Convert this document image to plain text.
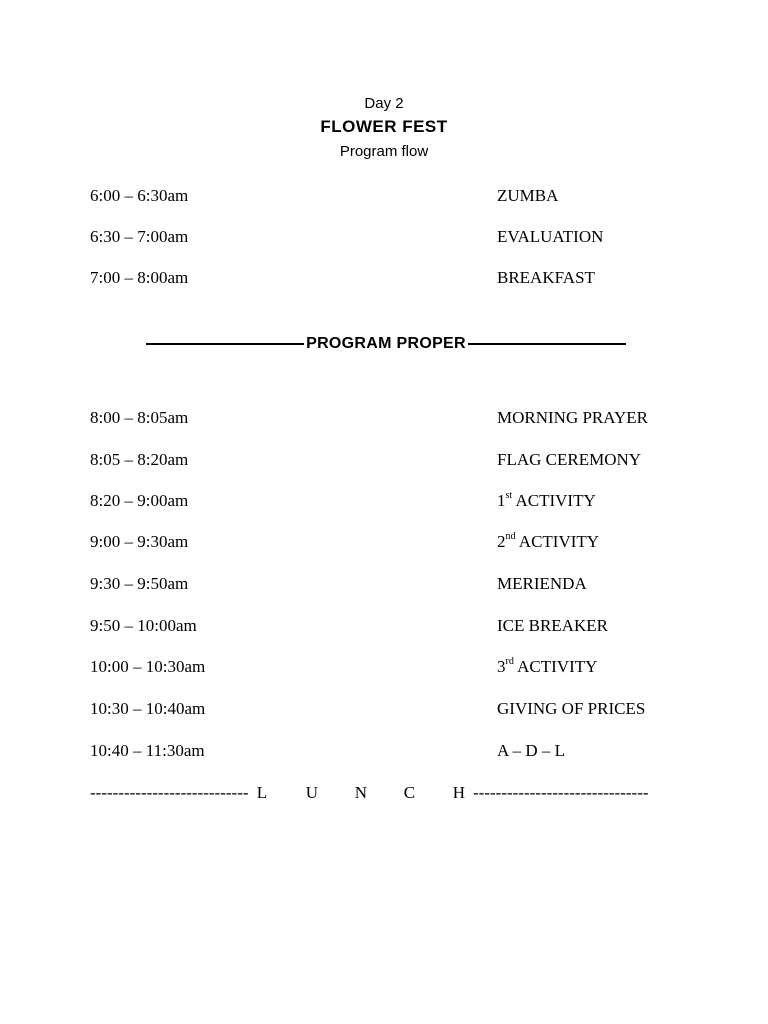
Day 2
FLOWER FEST
Program flow
6:00 – 6:30am	ZUMBA
6:30 – 7:00am	EVALUATION
7:00 – 8:00am	BREAKFAST
PROGRAM PROPER
8:00 – 8:05am	MORNING PRAYER
8:05 – 8:20am	FLAG CEREMONY
8:20 – 9:00am	1st ACTIVITY
9:00 – 9:30am	2nd ACTIVITY
9:30 – 9:50am	MERIENDA
9:50 – 10:00am	ICE BREAKER
10:00 – 10:30am	3rd ACTIVITY
10:30 – 10:40am	GIVING OF PRICES
10:40 – 11:30am	A – D – L
---------------------------- L U N C H -------------------------------
